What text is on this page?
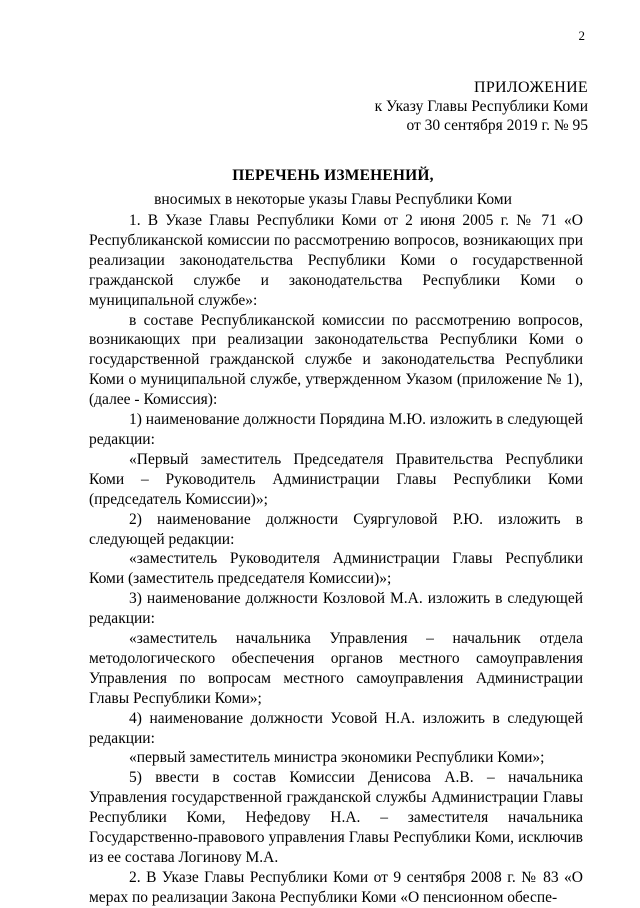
2
ПРИЛОЖЕНИЕ
к Указу Главы Республики Коми
от 30 сентября 2019 г. № 95
ПЕРЕЧЕНЬ ИЗМЕНЕНИЙ,
вносимых в некоторые указы Главы Республики Коми

1. В Указе Главы Республики Коми от 2 июня 2005 г. № 71 «О Республиканской комиссии по рассмотрению вопросов, возникающих при реализации законодательства Республики Коми о государственной гражданской службе и законодательства Республики Коми о муниципальной службе»:

в составе Республиканской комиссии по рассмотрению вопросов, возникающих при реализации законодательства Республики Коми о государственной гражданской службе и законодательства Республики Коми о муниципальной службе, утвержденном Указом (приложение № 1), (далее - Комиссия):

1) наименование должности Порядина М.Ю. изложить в следующей редакции:

«Первый заместитель Председателя Правительства Республики Коми – Руководитель Администрации Главы Республики Коми (председатель Комиссии)»;

2) наименование должности Суяргуловой Р.Ю. изложить в следующей редакции:

«заместитель Руководителя Администрации Главы Республики Коми (заместитель председателя Комиссии)»;

3) наименование должности Козловой М.А. изложить в следующей редакции:

«заместитель начальника Управления – начальник отдела методологического обеспечения органов местного самоуправления Управления по вопросам местного самоуправления Администрации Главы Республики Коми»;

4) наименование должности Усовой Н.А. изложить в следующей редакции:

«первый заместитель министра экономики Республики Коми»;

5) ввести в состав Комиссии Денисова А.В. – начальника Управления государственной гражданской службы Администрации Главы Республики Коми, Нефедову Н.А. – заместителя начальника Государственно-правового управления Главы Республики Коми, исключив из ее состава Логинову М.А.

2. В Указе Главы Республики Коми от 9 сентября 2008 г. № 83 «О мерах по реализации Закона Республики Коми «О пенсионном обеспе-
